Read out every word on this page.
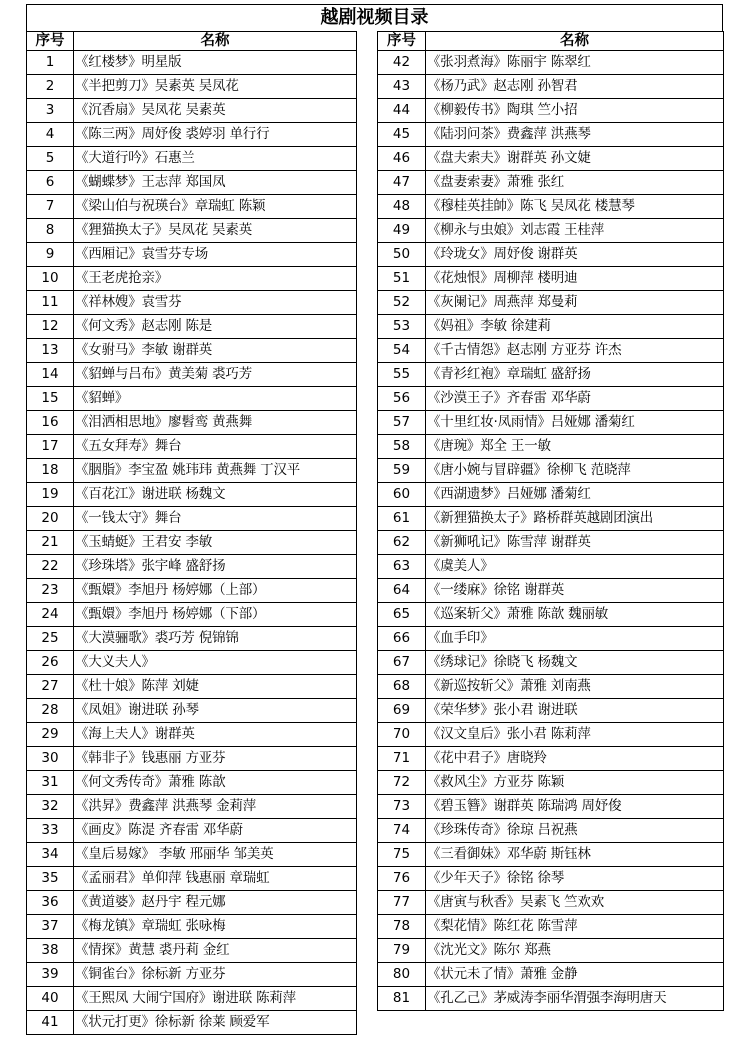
越剧视频目录
序号	名称
1	《红楼梦》明星版
2	《半把剪刀》吴素英 吴凤花
3	《沉香扇》吴凤花 吴素英
4	《陈三两》周妤俊 裘婷羽 单行行
5	《大道行吟》石惠兰
6	《蝴蝶梦》王志萍 郑国凤
7	《梁山伯与祝瑛台》章瑞虹 陈颖
8	《狸猫换太子》吴凤花 吴素英
9	《西厢记》袁雪芬专场
10	《王老虎抢亲》
11	《祥林嫂》袁雪芬
12	《何文秀》赵志刚 陈是
13	《女驸马》李敏 谢群英
14	《貂蝉与吕布》黄美菊 裘巧芳
15	《貂蝉》
16	《泪洒相思地》廖髫鸾 黄燕舞
17	《五女拜寿》舞台
18	《胭脂》李宝盈 姚玮玮 黄燕舞 丁汉平
19	《百花江》谢进联 杨魏文
20	《一钱太守》舞台
21	《玉蜻蜓》王君安 李敏
22	《珍珠塔》张宇峰 盛舒扬
23	《甄嬛》李旭丹 杨婷娜（上部）
24	《甄嬛》李旭丹 杨婷娜（下部）
25	《大漠骊歌》裘巧芳 倪锦锦
26	《大义夫人》
27	《杜十娘》陈萍 刘婕
28	《凤姐》谢进联 孙琴
29	《海上夫人》谢群英
30	《韩非子》钱惠丽 方亚芬
31	《何文秀传奇》萧雅 陈歆
32	《洪昇》费鑫萍 洪燕琴 金莉萍
33	《画皮》陈湜 齐春雷 邓华蔚
34	《皇后易嫁》 李敏 邢丽华 邹美英
35	《孟丽君》单仰萍 钱惠丽 章瑞虹
36	《黄道婆》赵丹宇 程元娜
37	《梅龙镇》章瑞虹 张咏梅
38	《情探》黄慧 裘丹莉 金红
39	《铜雀台》徐标新 方亚芬
40	《王熙凤 大闹宁国府》谢进联 陈莉萍
41	《状元打更》徐标新 徐莱 顾爱军
序号	名称
42	《张羽煮海》陈丽宇 陈翠红
43	《杨乃武》赵志刚 孙智君
44	《柳毅传书》陶琪 竺小招
45	《陆羽问茶》费鑫萍 洪燕琴
46	《盘夫索夫》谢群英 孙文婕
47	《盘妻索妻》萧雅 张红
48	《穆桂英挂帥》陈飞 吴凤花 楼慧琴
49	《柳永与虫娘》刘志霞 王桂萍
50	《玲珑女》周妤俊 谢群英
51	《花烛恨》周柳萍 楼明迪
52	《灰阑记》周燕萍 郑曼莉
53	《妈祖》李敏 徐建莉
54	《千古情怨》赵志刚 方亚芬 许杰
55	《青衫红袍》章瑞虹 盛舒扬
56	《沙漠王子》齐春雷 邓华蔚
57	《十里红妆·凤雨情》吕娅娜 潘菊红
58	《唐琬》郑全 王一敏
59	《唐小婉与冒辟疆》徐柳飞 范晓萍
60	《西湖遗梦》吕娅娜 潘菊红
61	《新狸猫换太子》路桥群英越剧团演出
62	《新狮吼记》陈雪萍 谢群英
63	《虞美人》
64	《一缕麻》徐铭 谢群英
65	《巡案斩父》萧雅 陈歆 魏丽敏
66	《血手印》
67	《绣球记》徐晓飞 杨魏文
68	《新巡按斩父》萧雅 刘南燕
69	《荣华梦》张小君 谢进联
70	《汉文皇后》张小君 陈莉萍
71	《花中君子》唐晓羚
72	《救风尘》方亚芬 陈颖
73	《碧玉簪》谢群英 陈瑞鸿 周妤俊
74	《珍珠传奇》徐琼 吕祝燕
75	《三看御妹》邓华蔚 斯钰林
76	《少年天子》徐铭 徐琴
77	《唐寅与秋香》吴素飞 竺欢欢
78	《梨花情》陈红花 陈雪萍
79	《沈光文》陈尔 郑燕
80	《状元未了情》萧雅 金静
81	《孔乙己》茅威涛李丽华渭强李海明唐天
